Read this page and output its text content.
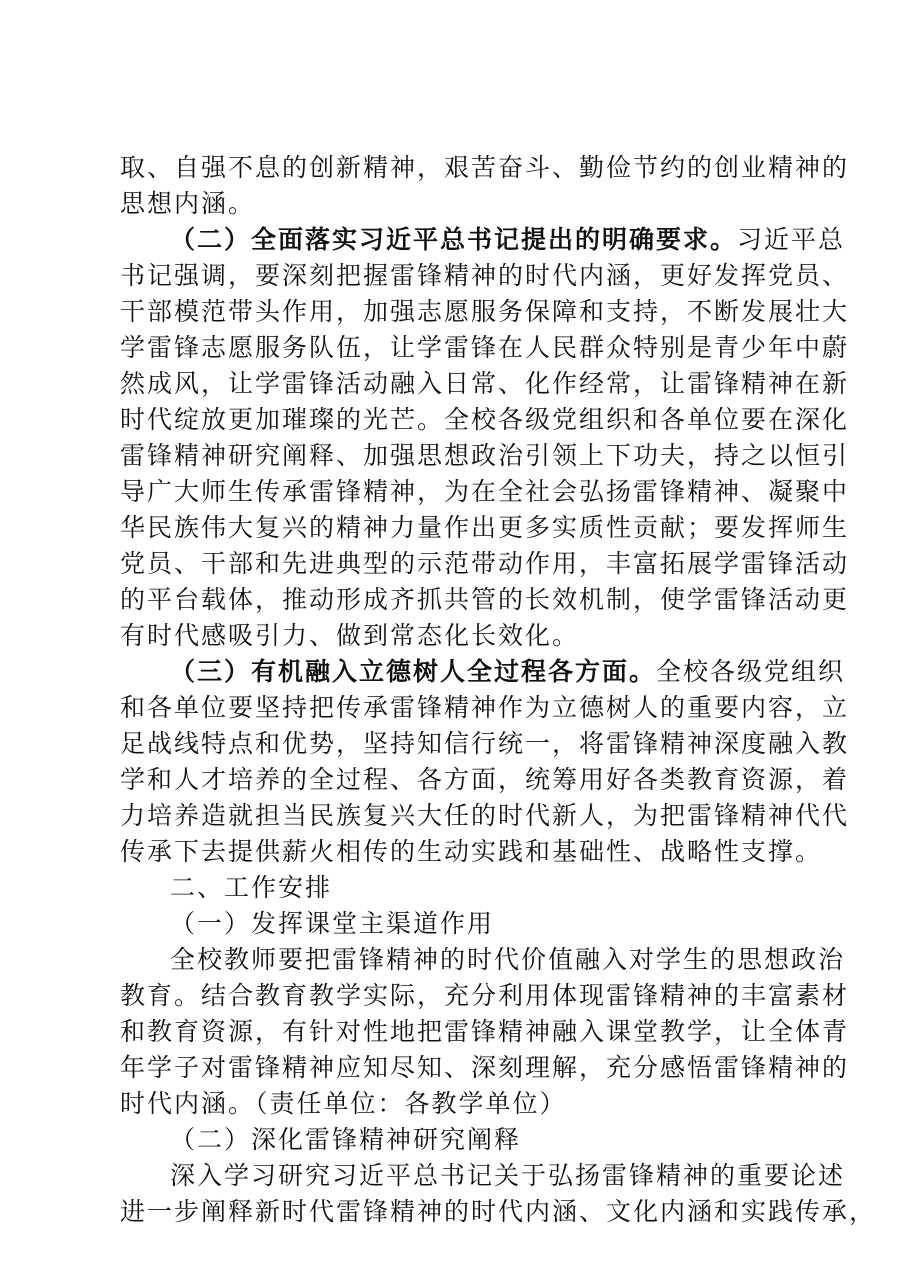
取、自强不息的创新精神，艰苦奋斗、勤俭节约的创业精神的
思想内涵。
（二）全面落实习近平总书记提出的明确要求。习近平总
书记强调，要深刻把握雷锋精神的时代内涵，更好发挥党员、
干部模范带头作用，加强志愿服务保障和支持，不断发展壮大
学雷锋志愿服务队伍，让学雷锋在人民群众特别是青少年中蔚
然成风，让学雷锋活动融入日常、化作经常，让雷锋精神在新
时代绽放更加璀璨的光芒。全校各级党组织和各单位要在深化
雷锋精神研究阐释、加强思想政治引领上下功夫，持之以恒引
导广大师生传承雷锋精神，为在全社会弘扬雷锋精神、凝聚中
华民族伟大复兴的精神力量作出更多实质性贡献；要发挥师生
党员、干部和先进典型的示范带动作用，丰富拓展学雷锋活动
的平台载体，推动形成齐抓共管的长效机制，使学雷锋活动更
有时代感吸引力、做到常态化长效化。
（三）有机融入立德树人全过程各方面。全校各级党组织
和各单位要坚持把传承雷锋精神作为立德树人的重要内容，立
足战线特点和优势，坚持知信行统一，将雷锋精神深度融入教
学和人才培养的全过程、各方面，统筹用好各类教育资源，着
力培养造就担当民族复兴大任的时代新人，为把雷锋精神代代
传承下去提供薪火相传的生动实践和基础性、战略性支撑。
二、工作安排
（一）发挥课堂主渠道作用
全校教师要把雷锋精神的时代价值融入对学生的思想政治
教育。结合教育教学实际，充分利用体现雷锋精神的丰富素材
和教育资源，有针对性地把雷锋精神融入课堂教学，让全体青
年学子对雷锋精神应知尽知、深刻理解，充分感悟雷锋精神的
时代内涵。（责任单位：各教学单位）
（二）深化雷锋精神研究阐释
深入学习研究习近平总书记关于弘扬雷锋精神的重要论述
进一步阐释新时代雷锋精神的时代内涵、文化内涵和实践传承，
